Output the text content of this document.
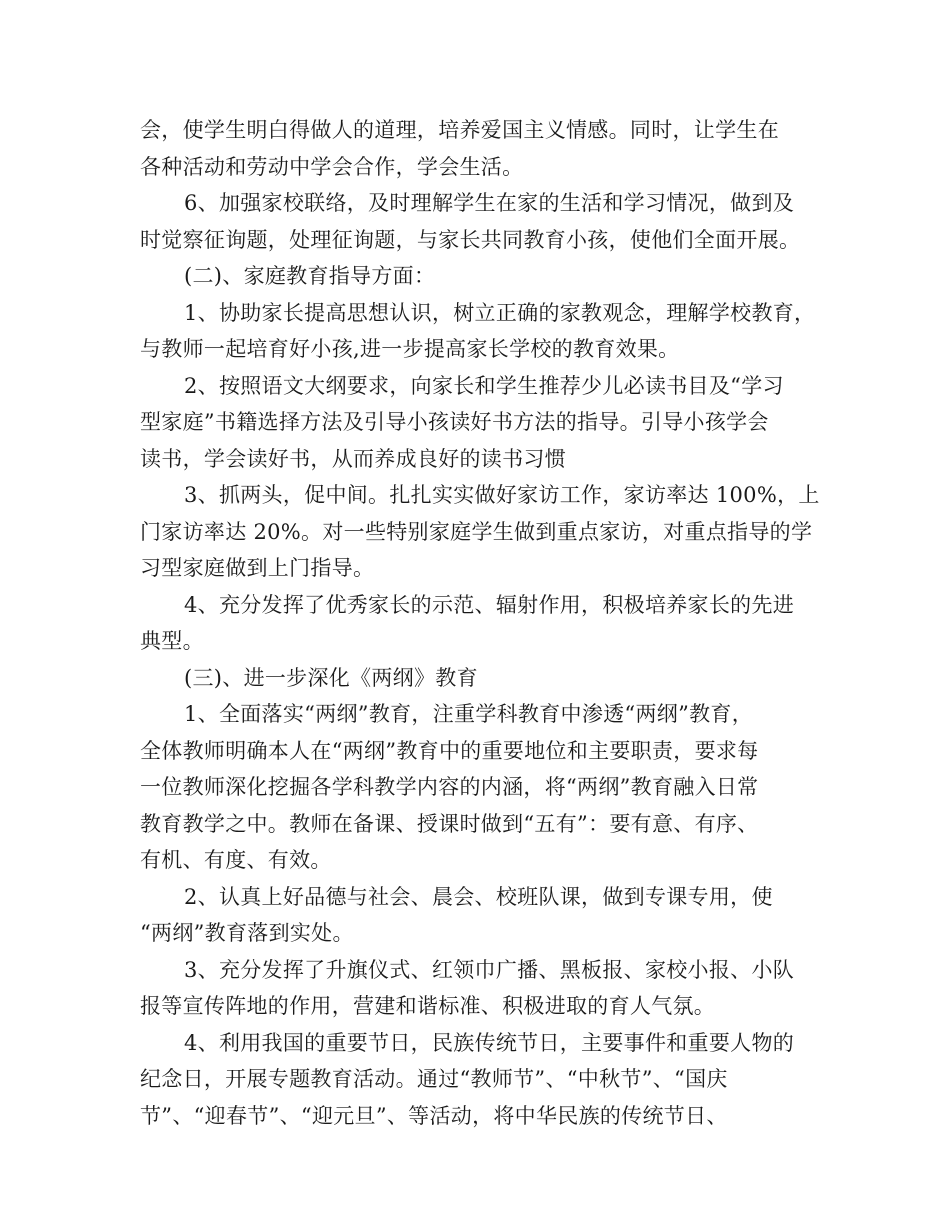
会，使学生明白得做人的道理，培养爱国主义情感。同时，让学生在
各种活动和劳动中学会合作，学会生活。
6、加强家校联络，及时理解学生在家的生活和学习情况，做到及
时觉察征询题，处理征询题，与家长共同教育小孩，使他们全面开展。
(二)、家庭教育指导方面：
1、协助家长提高思想认识，树立正确的家教观念，理解学校教育，
与教师一起培育好小孩,进一步提高家长学校的教育效果。
2、按照语文大纲要求，向家长和学生推荐少儿必读书目及“学习
型家庭”书籍选择方法及引导小孩读好书方法的指导。引导小孩学会
读书，学会读好书，从而养成良好的读书习惯
3、抓两头，促中间。扎扎实实做好家访工作，家访率达 100%，上
门家访率达 20%。对一些特别家庭学生做到重点家访，对重点指导的学
习型家庭做到上门指导。
4、充分发挥了优秀家长的示范、辐射作用，积极培养家长的先进
典型。
(三)、进一步深化《两纲》教育
1、全面落实“两纲”教育，注重学科教育中渗透“两纲”教育，
全体教师明确本人在“两纲”教育中的重要地位和主要职责，要求每
一位教师深化挖掘各学科教学内容的内涵，将“两纲”教育融入日常
教育教学之中。教师在备课、授课时做到“五有”：要有意、有序、
有机、有度、有效。
2、认真上好品德与社会、晨会、校班队课，做到专课专用，使
“两纲”教育落到实处。
3、充分发挥了升旗仪式、红领巾广播、黑板报、家校小报、小队
报等宣传阵地的作用，营建和谐标准、积极进取的育人气氛。
4、利用我国的重要节日，民族传统节日，主要事件和重要人物的
纪念日，开展专题教育活动。通过“教师节”、“中秋节”、“国庆
节”、“迎春节”、“迎元旦”、等活动，将中华民族的传统节日、
